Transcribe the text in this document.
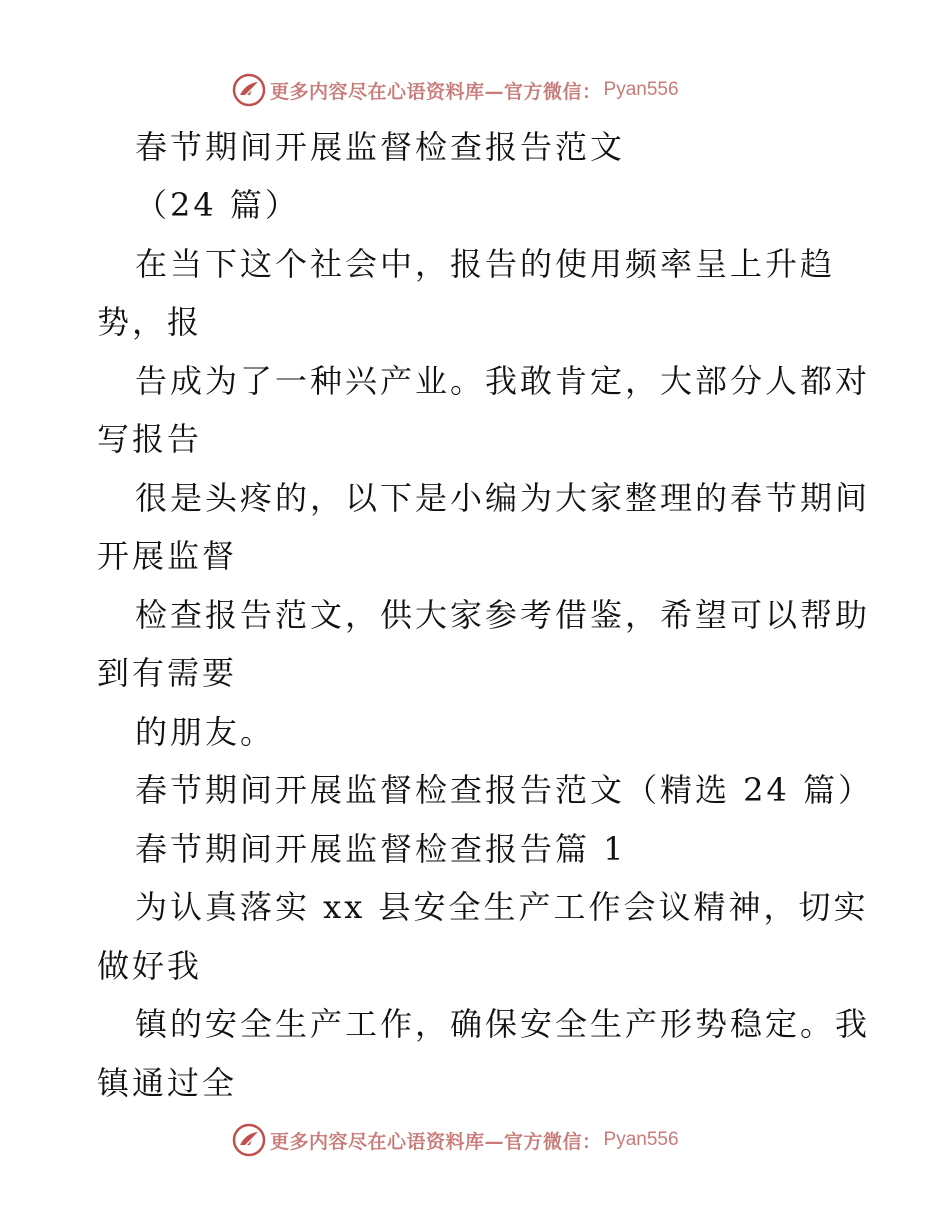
更多内容尽在心语资料库—官方微信： Pyan556
春节期间开展监督检查报告范文
（24 篇）
在当下这个社会中，报告的使用频率呈上升趋
势，报
告成为了一种兴产业。我敢肯定，大部分人都对
写报告
很是头疼的，以下是小编为大家整理的春节期间
开展监督
检查报告范文，供大家参考借鉴，希望可以帮助
到有需要
的朋友。
春节期间开展监督检查报告范文（精选 24 篇）
春节期间开展监督检查报告篇 1
为认真落实 xx 县安全生产工作会议精神，切实
做好我
镇的安全生产工作，确保安全生产形势稳定。我
镇通过全
更多内容尽在心语资料库—官方微信： Pyan556
